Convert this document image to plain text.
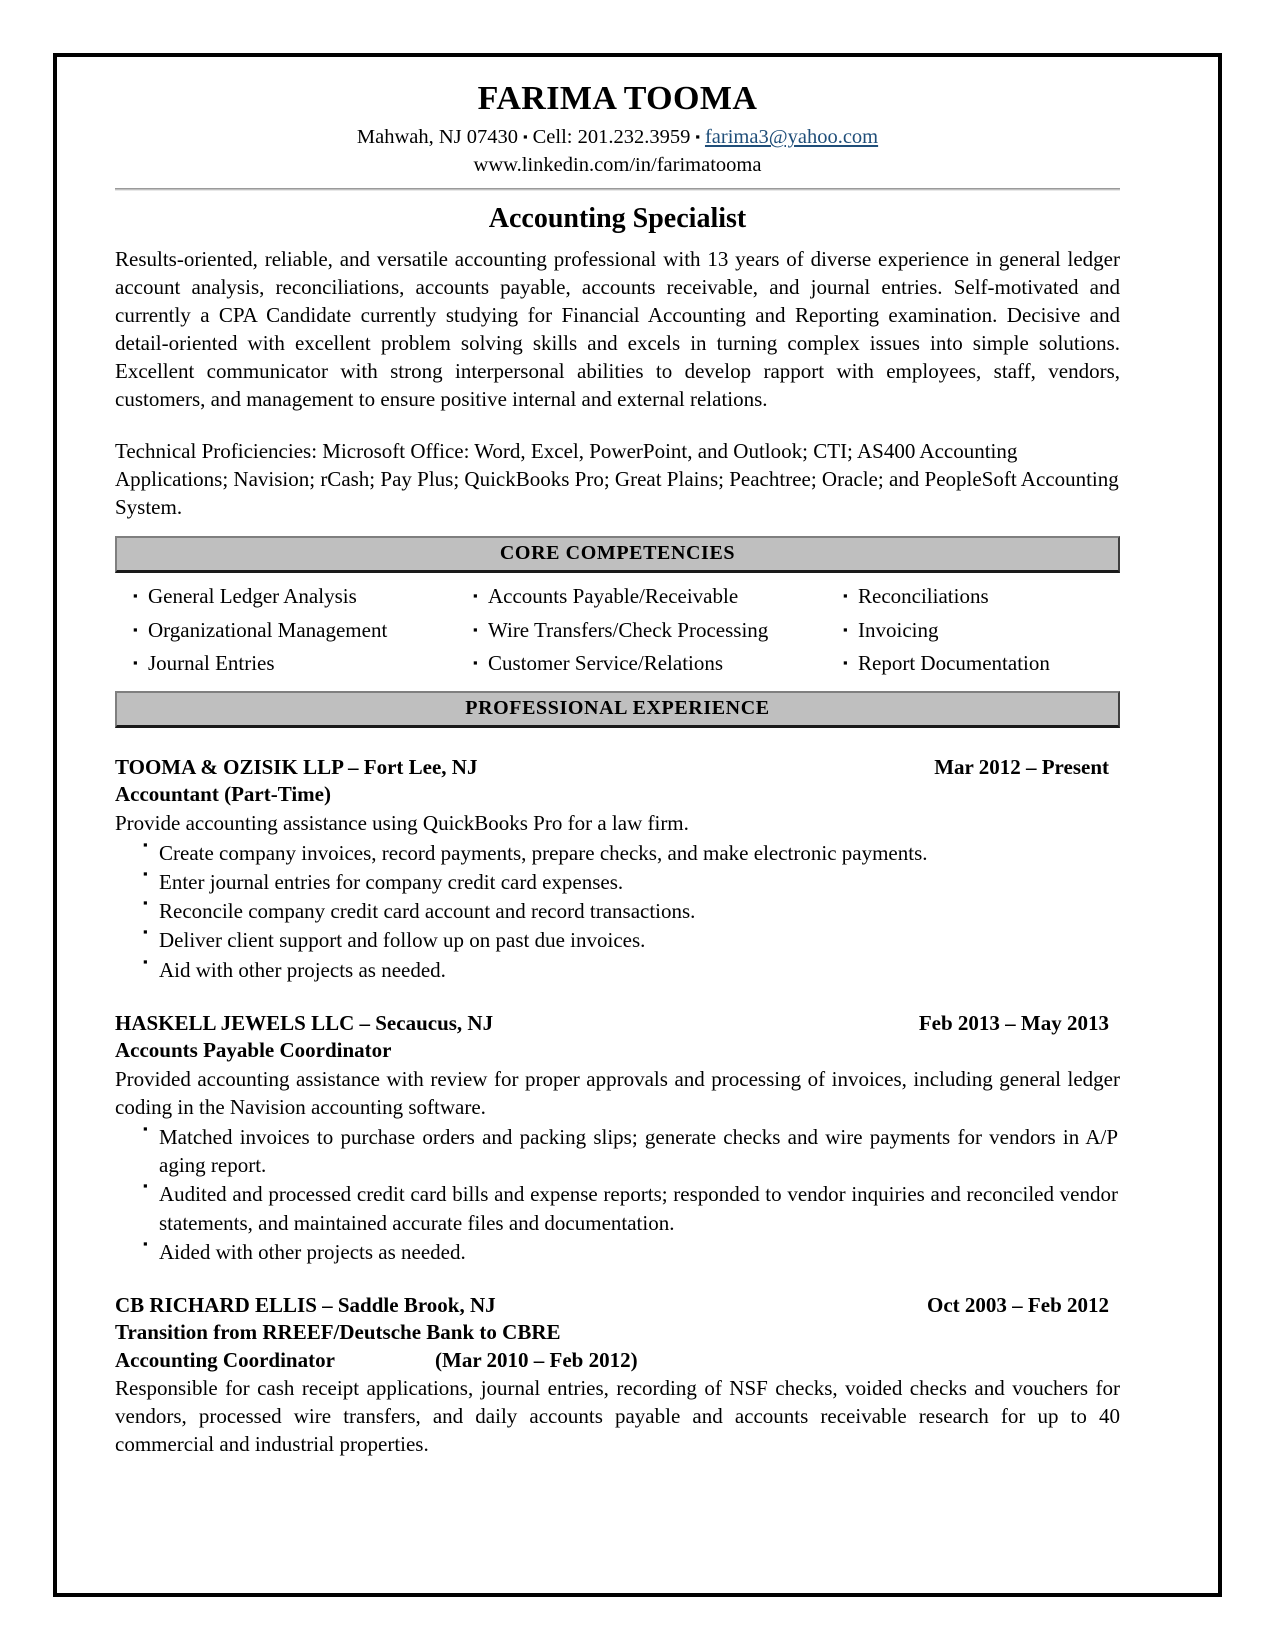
FARIMA TOOMA
Mahwah, NJ 07430 ▪ Cell: 201.232.3959 ▪ farima3@yahoo.com
www.linkedin.com/in/farimatooma
Accounting Specialist
Results-oriented, reliable, and versatile accounting professional with 13 years of diverse experience in general ledger account analysis, reconciliations, accounts payable, accounts receivable, and journal entries. Self-motivated and currently a CPA Candidate currently studying for Financial Accounting and Reporting examination. Decisive and detail-oriented with excellent problem solving skills and excels in turning complex issues into simple solutions. Excellent communicator with strong interpersonal abilities to develop rapport with employees, staff, vendors, customers, and management to ensure positive internal and external relations.
Technical Proficiencies: Microsoft Office: Word, Excel, PowerPoint, and Outlook; CTI; AS400 Accounting Applications; Navision; rCash; Pay Plus; QuickBooks Pro; Great Plains; Peachtree; Oracle; and PeopleSoft Accounting System.
CORE COMPETENCIES
▪ General Ledger Analysis	▪ Accounts Payable/Receivable	▪ Reconciliations
▪ Organizational Management	▪ Wire Transfers/Check Processing	▪ Invoicing
▪ Journal Entries	▪ Customer Service/Relations	▪ Report Documentation
PROFESSIONAL EXPERIENCE
TOOMA & OZISIK LLP – Fort Lee, NJ	Mar 2012 – Present
Accountant (Part-Time)
Provide accounting assistance using QuickBooks Pro for a law firm.
▪ Create company invoices, record payments, prepare checks, and make electronic payments.
▪ Enter journal entries for company credit card expenses.
▪ Reconcile company credit card account and record transactions.
▪ Deliver client support and follow up on past due invoices.
▪ Aid with other projects as needed.
HASKELL JEWELS LLC – Secaucus, NJ	Feb 2013 – May 2013
Accounts Payable Coordinator
Provided accounting assistance with review for proper approvals and processing of invoices, including general ledger coding in the Navision accounting software.
▪ Matched invoices to purchase orders and packing slips; generate checks and wire payments for vendors in A/P aging report.
▪ Audited and processed credit card bills and expense reports; responded to vendor inquiries and reconciled vendor statements, and maintained accurate files and documentation.
▪ Aided with other projects as needed.
CB RICHARD ELLIS – Saddle Brook, NJ	Oct 2003 – Feb 2012
Transition from RREEF/Deutsche Bank to CBRE
Accounting Coordinator	(Mar 2010 – Feb 2012)
Responsible for cash receipt applications, journal entries, recording of NSF checks, voided checks and vouchers for vendors, processed wire transfers, and daily accounts payable and accounts receivable research for up to 40 commercial and industrial properties.
